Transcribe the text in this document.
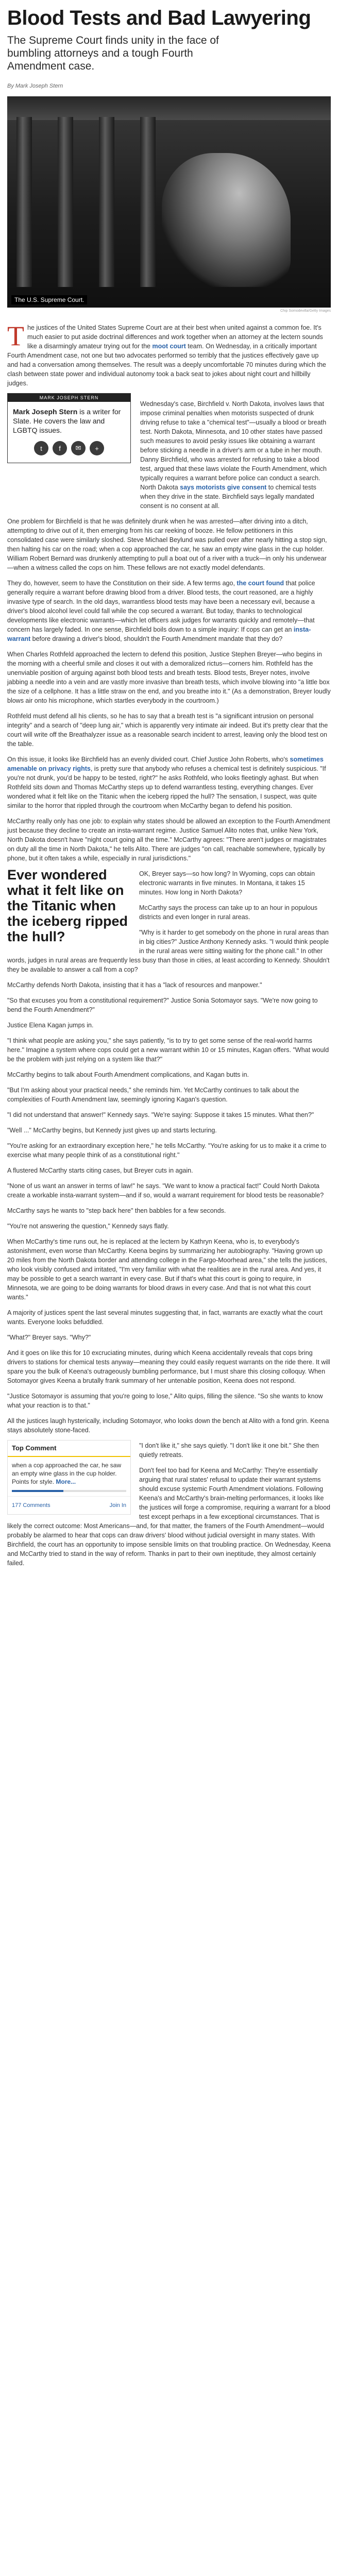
Blood Tests and Bad Lawyering

The Supreme Court finds unity in the face of bumbling attorneys and a tough Fourth Amendment case.

By Mark Joseph Stern

The U.S. Supreme Court.
Chip Somodevilla/Getty Images

T he justices of the United States Supreme Court are at their best when united against a common foe. It's much easier to put aside doctrinal differences and work together when an attorney at the lectern sounds like a disarmingly amateur trying out for the moot court team. On Wednesday, in a critically important Fourth Amendment case, not one but two advocates performed so terribly that the justices effectively gave up and had a conversation among themselves. The result was a deeply uncomfortable 70 minutes during which the clash between state power and individual autonomy took a back seat to jokes about night court and hillbilly judges.

MARK JOSEPH STERN
Mark Joseph Stern is a writer for Slate. He covers the law and LGBTQ issues.
t	f	✉	+

Wednesday's case, Birchfield v. North Dakota, involves laws that impose criminal penalties when motorists suspected of drunk driving refuse to take a "chemical test"—usually a blood or breath test. North Dakota, Minnesota, and 10 other states have passed such measures to avoid pesky issues like obtaining a warrant before sticking a needle in a driver's arm or a tube in her mouth. Danny Birchfield, who was arrested for refusing to take a blood test, argued that these laws violate the Fourth Amendment, which typically requires a warrant before police can conduct a search. North Dakota says motorists give consent to chemical tests when they drive in the state. Birchfield says legally mandated consent is no consent at all.

One problem for Birchfield is that he was definitely drunk when he was arrested—after driving into a ditch, attempting to drive out of it, then emerging from his car reeking of booze. He fellow petitioners in this consolidated case were similarly sloshed. Steve Michael Beylund was pulled over after nearly hitting a stop sign, then halting his car on the road; when a cop approached the car, he saw an empty wine glass in the cup holder. William Robert Bernard was drunkenly attempting to pull a boat out of a river with a truck—in only his underwear—when a witness called the cops on him. These fellows are not exactly model defendants.

They do, however, seem to have the Constitution on their side. A few terms ago, the court found that police generally require a warrant before drawing blood from a driver. Blood tests, the court reasoned, are a highly invasive type of search. In the old days, warrantless blood tests may have been a necessary evil, because a driver's blood alcohol level could fall while the cop secured a warrant. But today, thanks to technological developments like electronic warrants—which let officers ask judges for warrants quickly and remotely—that concern has largely faded. In one sense, Birchfield boils down to a simple inquiry: If cops can get an insta-warrant before drawing a driver's blood, shouldn't the Fourth Amendment mandate that they do?

When Charles Rothfeld approached the lectern to defend this position, Justice Stephen Breyer—who begins in the morning with a cheerful smile and closes it out with a demoralized rictus—corners him. Rothfeld has the unenviable position of arguing against both blood tests and breath tests. Blood tests, Breyer notes, involve jabbing a needle into a vein and are vastly more invasive than breath tests, which involve blowing into "a little box the size of a cellphone. It has a little straw on the end, and you breathe into it." (As a demonstration, Breyer loudly blows air onto his microphone, which startles everybody in the courtroom.)

Rothfeld must defend all his clients, so he has to say that a breath test is "a significant intrusion on personal integrity" and a search of "deep lung air," which is apparently very intimate air indeed. But it's pretty clear that the court will write off the Breathalyzer issue as a reasonable search incident to arrest, leaving only the blood test on the table.

On this issue, it looks like Birchfield has an evenly divided court. Chief Justice John Roberts, who's sometimes amenable on privacy rights, is pretty sure that anybody who refuses a chemical test is definitely suspicious. "If you're not drunk, you'd be happy to be tested, right?" he asks Rothfeld, who looks fleetingly aghast. But when Rothfeld sits down and Thomas McCarthy steps up to defend warrantless testing, everything changes. Ever wondered what it felt like on the Titanic when the iceberg ripped the hull? The sensation, I suspect, was quite similar to the horror that rippled through the courtroom when McCarthy began to defend his position.

McCarthy really only has one job: to explain why states should be allowed an exception to the Fourth Amendment just because they decline to create an insta-warrant regime. Justice Samuel Alito notes that, unlike New York, North Dakota doesn't have "night court going all the time." McCarthy agrees: "There aren't judges or magistrates on duty all the time in North Dakota," he tells Alito. There are judges "on call, reachable somewhere, typically by phone, but it often takes a while, especially in rural jurisdictions."

Ever wondered what it felt like on the Titanic when the iceberg ripped the hull?

OK, Breyer says—so how long? In Wyoming, cops can obtain electronic warrants in five minutes. In Montana, it takes 15 minutes. How long in North Dakota?

McCarthy says the process can take up to an hour in populous districts and even longer in rural areas.

"Why is it harder to get somebody on the phone in rural areas than in big cities?" Justice Anthony Kennedy asks. "I would think people in the rural areas were sitting waiting for the phone call." In other words, judges in rural areas are frequently less busy than those in cities, at least according to Kennedy. Shouldn't they be available to answer a call from a cop?

McCarthy defends North Dakota, insisting that it has a "lack of resources and manpower."

"So that excuses you from a constitutional requirement?" Justice Sonia Sotomayor says. "We're now going to bend the Fourth Amendment?"

Justice Elena Kagan jumps in.

"I think what people are asking you," she says patiently, "is to try to get some sense of the real-world harms here." Imagine a system where cops could get a new warrant within 10 or 15 minutes, Kagan offers. "What would be the problem with just relying on a system like that?"

McCarthy begins to talk about Fourth Amendment complications, and Kagan butts in.

"But I'm asking about your practical needs," she reminds him. Yet McCarthy continues to talk about the complexities of Fourth Amendment law, seemingly ignoring Kagan's question.

"I did not understand that answer!" Kennedy says. "We're saying: Suppose it takes 15 minutes. What then?"

"Well ..." McCarthy begins, but Kennedy just gives up and starts lecturing.

"You're asking for an extraordinary exception here," he tells McCarthy. "You're asking for us to make it a crime to exercise what many people think of as a constitutional right."

A flustered McCarthy starts citing cases, but Breyer cuts in again.

"None of us want an answer in terms of law!" he says. "We want to know a practical fact!" Could North Dakota create a workable insta-warrant system—and if so, would a warrant requirement for blood tests be reasonable?

McCarthy says he wants to "step back here" then babbles for a few seconds.

"You're not answering the question," Kennedy says flatly.

When McCarthy's time runs out, he is replaced at the lectern by Kathryn Keena, who is, to everybody's astonishment, even worse than McCarthy. Keena begins by summarizing her autobiography. "Having grown up 20 miles from the North Dakota border and attending college in the Fargo-Moorhead area," she tells the justices, who look visibly confused and irritated, "I'm very familiar with what the realities are in the rural area. And yes, it may be possible to get a search warrant in every case. But if that's what this court is going to require, in Minnesota, we are going to be doing warrants for blood draws in every case. And that is not what this court wants."

A majority of justices spent the last several minutes suggesting that, in fact, warrants are exactly what the court wants. Everyone looks befuddled.

"What?" Breyer says. "Why?"

And it goes on like this for 10 excruciating minutes, during which Keena accidentally reveals that cops bring drivers to stations for chemical tests anyway—meaning they could easily request warrants on the ride there. It will spare you the bulk of Keena's outrageously bumbling performance, but I must share this closing colloquy. When Sotomayor gives Keena a brutally frank summary of her untenable position, Keena does not respond.

"Justice Sotomayor is assuming that you're going to lose," Alito quips, filling the silence. "So she wants to know what your reaction is to that."

All the justices laugh hysterically, including Sotomayor, who looks down the bench at Alito with a fond grin. Keena stays absolutely stone-faced.

Top Comment
when a cop approached the car, he saw an empty wine glass in the cup holder. Points for style. More...
177 Comments	Join In

"I don't like it," she says quietly. "I don't like it one bit." She then quietly retreats.

Don't feel too bad for Keena and McCarthy: They're essentially arguing that rural states' refusal to update their warrant systems should excuse systemic Fourth Amendment violations. Following Keena's and McCarthy's brain-melting performances, it looks like the justices will forge a compromise, requiring a warrant for a blood test except perhaps in a few exceptional circumstances. That is likely the correct outcome: Most Americans—and, for that matter, the framers of the Fourth Amendment—would probably be alarmed to hear that cops can draw drivers' blood without judicial oversight in many states. With Birchfield, the court has an opportunity to impose sensible limits on that troubling practice. On Wednesday, Keena and McCarthy tried to stand in the way of reform. Thanks in part to their own ineptitude, they almost certainly failed.
